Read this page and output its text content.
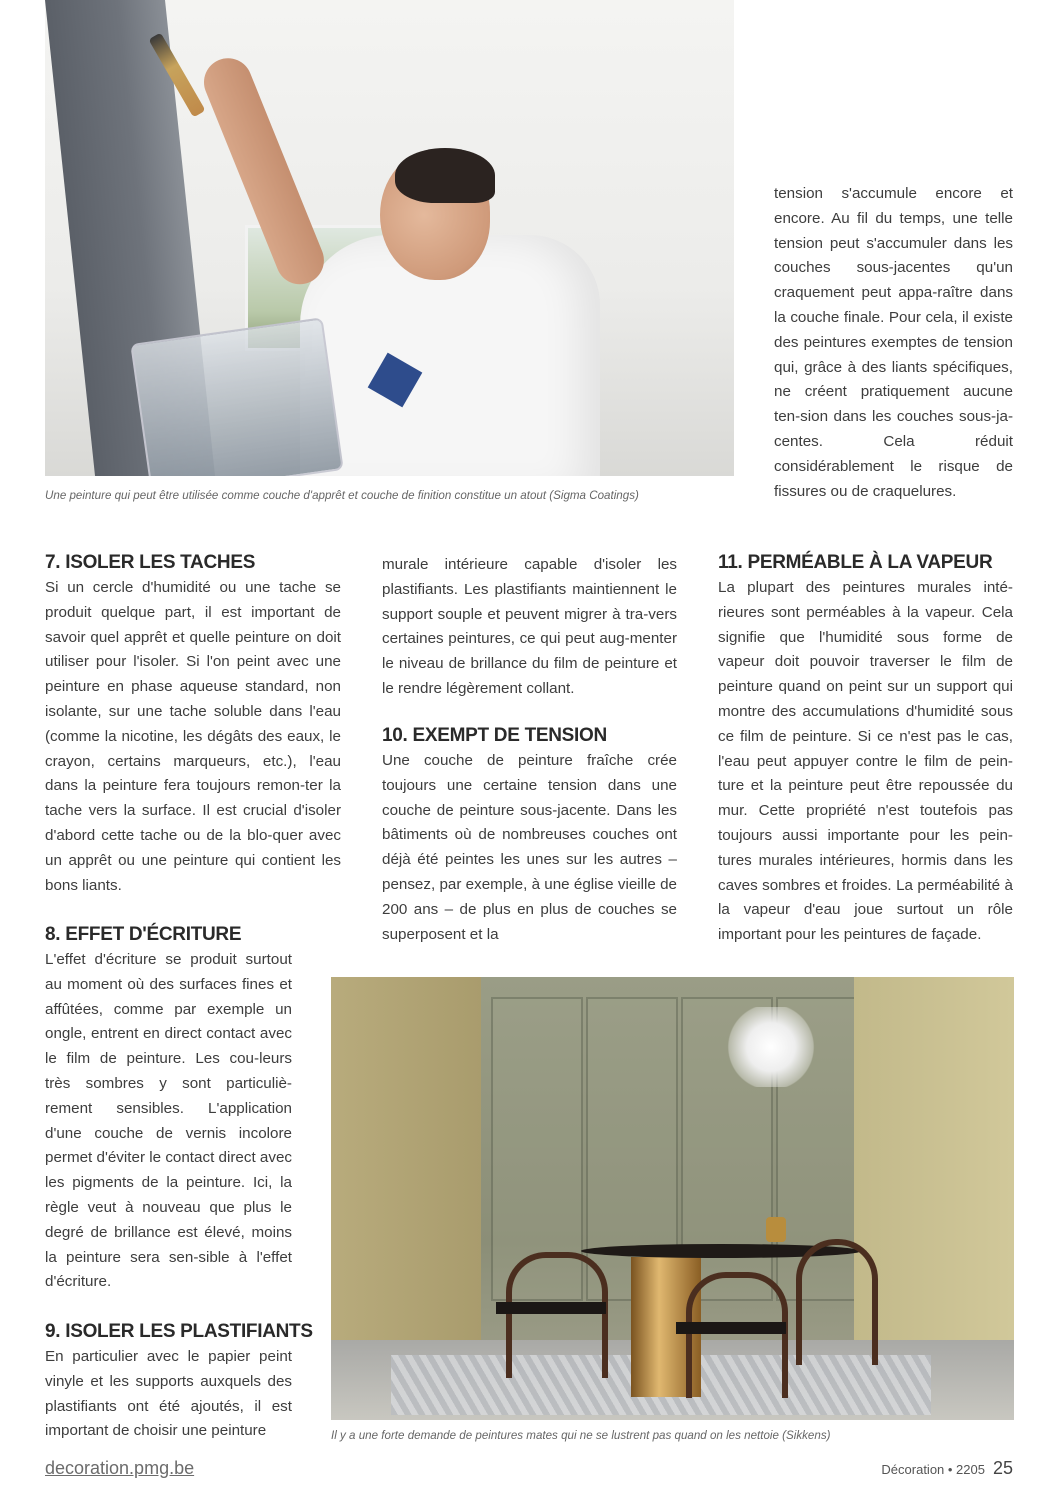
Une peinture qui peut être utilisée comme couche d'apprêt et couche de finition constitue un atout (Sigma Coatings)

tension s'accumule encore et encore. Au fil du temps, une telle tension peut s'accumuler dans les couches sous-jacentes qu'un craquement peut appa-raître dans la couche finale. Pour cela, il existe des peintures exemptes de tension qui, grâce à des liants spécifiques, ne créent pratiquement aucune ten-sion dans les couches sous-ja-centes. Cela réduit considérablement le risque de fissures ou de craquelures.

7. ISOLER LES TACHES

Si un cercle d'humidité ou une tache se produit quelque part, il est important de savoir quel apprêt et quelle peinture on doit utiliser pour l'isoler. Si l'on peint avec une peinture en phase aqueuse standard, non isolante, sur une tache soluble dans l'eau (comme la nicotine, les dégâts des eaux, le crayon, certains marqueurs, etc.), l'eau dans la peinture fera toujours remon-ter la tache vers la surface. Il est crucial d'isoler d'abord cette tache ou de la blo-quer avec un apprêt ou une peinture qui contient les bons liants.

8. EFFET D'ÉCRITURE

L'effet d'écriture se produit surtout au moment où des surfaces fines et affûtées, comme par exemple un ongle, entrent en direct contact avec le film de peinture. Les cou-leurs très sombres y sont particuliè-rement sensibles. L'application d'une couche de vernis incolore permet d'éviter le contact direct avec les pigments de la peinture. Ici, la règle veut à nouveau que plus le degré de brillance est élevé, moins la peinture sera sen-sible à l'effet d'écriture.

9. ISOLER LES PLASTIFIANTS

En particulier avec le papier peint vinyle et les supports auxquels des plastifiants ont été ajoutés, il est important de choisir une peinture

murale intérieure capable d'isoler les plastifiants. Les plastifiants maintiennent le support souple et peuvent migrer à tra-vers certaines peintures, ce qui peut aug-menter le niveau de brillance du film de peinture et le rendre légèrement collant.

10. EXEMPT DE TENSION

Une couche de peinture fraîche crée toujours une certaine tension dans une couche de peinture sous-jacente. Dans les bâtiments où de nombreuses couches ont déjà été peintes les unes sur les autres – pensez, par exemple, à une église vieille de 200 ans – de plus en plus de couches se superposent et la

11. PERMÉABLE À LA VAPEUR

La plupart des peintures murales inté-rieures sont perméables à la vapeur. Cela signifie que l'humidité sous forme de vapeur doit pouvoir traverser le film de peinture quand on peint sur un support qui montre des accumulations d'humidité sous ce film de peinture. Si ce n'est pas le cas, l'eau peut appuyer contre le film de pein-ture et la peinture peut être repoussée du mur. Cette propriété n'est toutefois pas toujours aussi importante pour les pein-tures murales intérieures, hormis dans les caves sombres et froides. La perméabilité à la vapeur d'eau joue surtout un rôle important pour les peintures de façade.

Il y a une forte demande de peintures mates qui ne se lustrent pas quand on les nettoie (Sikkens)

decoration.pmg.be	Décoration • 2205 25
